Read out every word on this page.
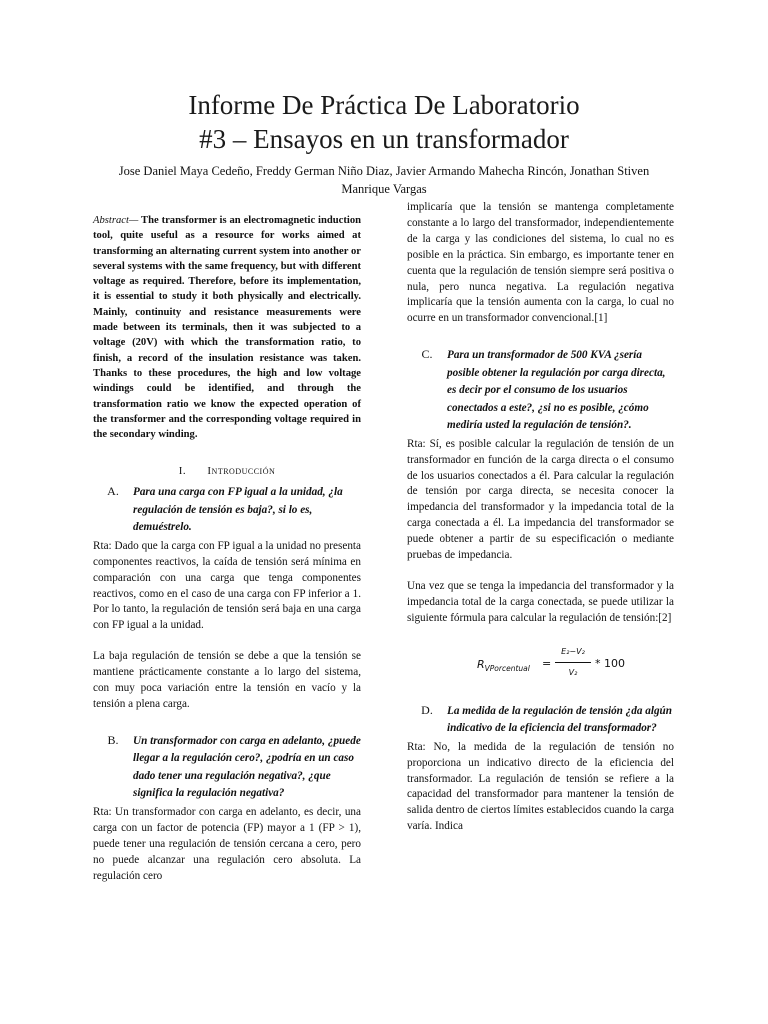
Informe De Práctica De Laboratorio
#3 – Ensayos en un transformador
Jose Daniel Maya Cedeño, Freddy German Niño Diaz, Javier Armando Mahecha Rincón, Jonathan Stiven Manrique Vargas

Abstract— The transformer is an electromagnetic induction tool, quite useful as a resource for works aimed at transforming an alternating current system into another or several systems with the same frequency, but with different voltage as required. Therefore, before its implementation, it is essential to study it both physically and electrically. Mainly, continuity and resistance measurements were made between its terminals, then it was subjected to a voltage (20V) with which the transformation ratio, to finish, a record of the insulation resistance was taken. Thanks to these procedures, the high and low voltage windings could be identified, and through the transformation ratio we know the expected operation of the transformer and the corresponding voltage required in the secondary winding.

I. Introducción
A.	Para una carga con FP igual a la unidad, ¿la regulación de tensión es baja?, si lo es, demuéstrelo.

Rta: Dado que la carga con FP igual a la unidad no presenta componentes reactivos, la caída de tensión será mínima en comparación con una carga que tenga componentes reactivos, como en el caso de una carga con FP inferior a 1. Por lo tanto, la regulación de tensión será baja en una carga con FP igual a la unidad.

La baja regulación de tensión se debe a que la tensión se mantiene prácticamente constante a lo largo del sistema, con muy poca variación entre la tensión en vacío y la tensión a plena carga.

B.	Un transformador con carga en adelanto, ¿puede llegar a la regulación cero?, ¿podría en un caso dado tener una regulación negativa?, ¿que significa la regulación negativa?

Rta: Un transformador con carga en adelanto, es decir, una carga con un factor de potencia (FP) mayor a 1 (FP > 1), puede tener una regulación de tensión cercana a cero, pero no puede alcanzar una regulación cero absoluta. La regulación cero

implicaría que la tensión se mantenga completamente constante a lo largo del transformador, independientemente de la carga y las condiciones del sistema, lo cual no es posible en la práctica. Sin embargo, es importante tener en cuenta que la regulación de tensión siempre será positiva o nula, pero nunca negativa. La regulación negativa implicaría que la tensión aumenta con la carga, lo cual no ocurre en un transformador convencional.[1]

C.	Para un transformador de 500 KVA ¿sería posible obtener la regulación por carga directa, es decir por el consumo de los usuarios conectados a este?, ¿si no es posible, ¿cómo mediría usted la regulación de tensión?.

Rta: Sí, es posible calcular la regulación de tensión de un transformador en función de la carga directa o el consumo de los usuarios conectados a él. Para calcular la regulación de tensión por carga directa, se necesita conocer la impedancia del transformador y la impedancia total de la carga conectada a él. La impedancia del transformador se puede obtener a partir de su especificación o mediante pruebas de impedancia.

Una vez que se tenga la impedancia del transformador y la impedancia total de la carga conectada, se puede utilizar la siguiente fórmula para calcular la regulación de tensión:[2]

$R_{VPorcentual}$ =
E₂−V₂
V₂
* 100
D.	La medida de la regulación de tensión ¿da algún indicativo de la eficiencia del transformador?

Rta: No, la medida de la regulación de tensión no proporciona un indicativo directo de la eficiencia del transformador. La regulación de tensión se refiere a la capacidad del transformador para mantener la tensión de salida dentro de ciertos límites establecidos cuando la carga varía. Indica
